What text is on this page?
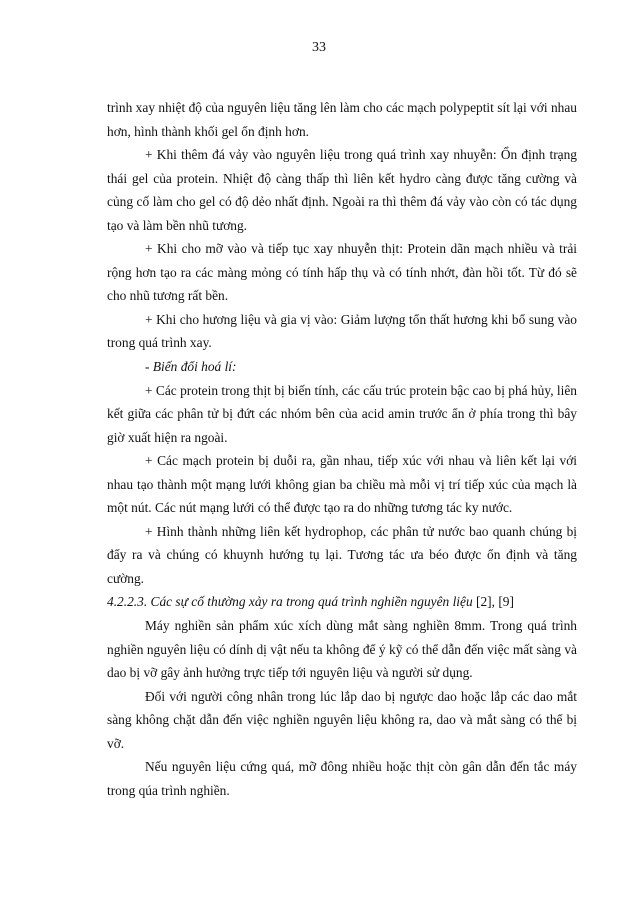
33

trình xay nhiệt độ của nguyên liệu tăng lên làm cho các mạch polypeptit sít lại với nhau hơn, hình thành khối gel ổn định hơn.

+ Khi thêm đá vảy vào nguyên liệu trong quá trình xay nhuyễn: Ổn định trạng thái gel của protein. Nhiệt độ càng thấp thì liên kết hydro càng được tăng cường và củng cố làm cho gel có độ dẻo nhất định. Ngoài ra thì thêm đá vảy vào còn có tác dụng tạo và làm bền nhũ tương.

+ Khi cho mỡ vào và tiếp tục xay nhuyễn thịt: Protein dãn mạch nhiều và trải rộng hơn tạo ra các màng mỏng có tính hấp thụ và có tính nhớt, đàn hồi tốt. Từ đó sẽ cho nhũ tương rất bền.

+ Khi cho hương liệu và gia vị vào: Giảm lượng tổn thất hương khi bổ sung vào trong quá trình xay.

- Biến đổi hoá lí:

+ Các protein trong thịt bị biến tính, các cấu trúc protein bậc cao bị phá hủy, liên kết giữa các phân tử bị đứt các nhóm bên của acid amin trước ẩn ở phía trong thì bây giờ xuất hiện ra ngoài.

+ Các mạch protein bị duỗi ra, gần nhau, tiếp xúc với nhau và liên kết lại với nhau tạo thành một mạng lưới không gian ba chiều mà mỗi vị trí tiếp xúc của mạch là một nút. Các nút mạng lưới có thể được tạo ra do những tương tác ky nước.

+ Hình thành những liên kết hydrophop, các phân tử nước bao quanh chúng bị đẩy ra và chúng có khuynh hướng tụ lại. Tương tác ưa béo được ổn định và tăng cường.

4.2.2.3. Các sự cố thường xảy ra trong quá trình nghiền nguyên liệu [2], [9]

Máy nghiền sản phẩm xúc xích dùng mắt sàng nghiền 8mm. Trong quá trình nghiền nguyên liệu có dính dị vật nếu ta không để ý kỹ có thể dẫn đến việc mất sàng và dao bị vỡ gây ảnh hưởng trực tiếp tới nguyên liệu và người sử dụng.

Đối với người công nhân trong lúc lắp dao bị ngược dao hoặc lắp các dao mắt sàng không chặt dẫn đến việc nghiền nguyên liệu không ra, dao và mắt sàng có thể bị vỡ.

Nếu nguyên liệu cứng quá, mỡ đông nhiều hoặc thịt còn gân dẫn đến tắc máy trong qúa trình nghiền.
